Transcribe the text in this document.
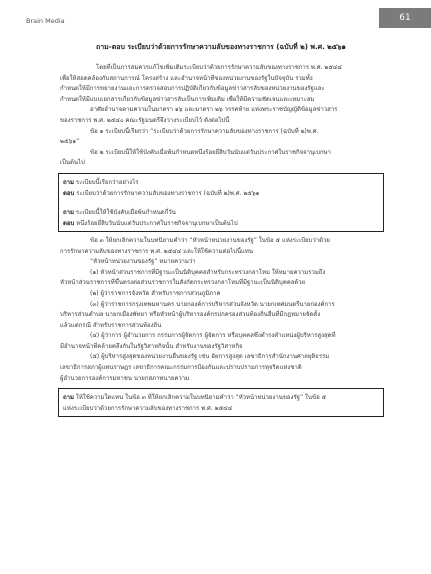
Brain Media	61
ถาม-ตอบ ระเบียบว่าด้วยการรักษาความลับของทางราชการ (ฉบับที่ ๒) พ.ศ. ๒๕๖๑

โดยที่เป็นการสมควรแก้ไขเพิ่มเติมระเบียบว่าด้วยการรักษาความลับของทางราชการ พ.ศ. ๒๕๔๔

เพื่อให้สอดคล้องกับสถานการณ์ โครงสร้าง และอำนาจหน้าที่ของหน่วยงานของรัฐในปัจจุบัน รวมทั้ง

กำหนดให้มีการขยายงานและการตรวจสอบการปฏิบัติเกี่ยวกับข้อมูลข่าวสารลับของหน่วยงานของรัฐและ

กำหนดให้มีแบบเอกสารเกี่ยวกับข้อมูลข่าวสารลับเป็นการเพิ่มเติม เพื่อให้มีความชัดเจนและเหมาะสม

อาศัยอำนาจตามความในมาตรา ๑๖ และมาตรา ๒๖ วรรคท้าย แห่งพระราชบัญญัติข้อมูลข่าวสาร

ของราชการ พ.ศ. ๒๕๔๐ คณะรัฐมนตรีจึงวางระเบียบไว้ ดังต่อไปนี้

ข้อ ๑ ระเบียบนี้เรียกว่า “ระเบียบว่าด้วยการรักษาความลับของทางราชการ (ฉบับที่ ๒)พ.ศ.

๒๕๖๑”

ข้อ ๒ ระเบียบนี้ให้ใช้บังคับเมื่อพ้นกำหนดหนึ่งร้อยยี่สิบวันนับแต่วันประกาศในราชกิจจานุเบกษา

เป็นต้นไป

ถาม ระเบียบนี้เรียกว่าอย่างไร

ตอบ ระเบียบว่าด้วยการรักษาความลับของทางราชการ (ฉบับที่ ๒)พ.ศ. ๒๕๖๑

ถาม ระเบียบนี้ให้ใช้บังคับเมื่อพ้นกำหนดกี่วัน

ตอบ หนึ่งร้อยยี่สิบวันนับแต่วันประกาศในราชกิจจานุเบกษาเป็นต้นไป

ข้อ ๓ ให้ยกเลิกความในบทนิยามคำว่า “หัวหน้าหน่วยงานของรัฐ” ในข้อ ๕ แห่งระเบียบว่าด้วย

การรักษาความลับของทางราชการ พ.ศ. ๒๕๔๔ และให้ใช้ความต่อไปนี้แทน

“หัวหน้าหน่วยงานของรัฐ” หมายความว่า

(๑) หัวหน้าส่วนราชการที่มีฐานะเป็นนิติบุคคลสำหรับกระทรวงกลาโหม ให้หมายความรวมถึง

หัวหน้าส่วนราชการที่ขึ้นตรงต่อส่วนราชการในสังกัดกระทรวงกลาโหมที่มีฐานะเป็นนิติบุคคลด้วย

(๒) ผู้ว่าราชการจังหวัด สำหรับราชการส่วนภูมิภาค

(๓) ผู้ว่าราชการกรุงเทพมหานคร นายกองค์การบริหารส่วนจังหวัด นายกเทศมนตรีนายกองค์การ

บริหารส่วนตำบล นายกเมืองพัทยา หรือหัวหน้าผู้บริหารองค์กรปกครองส่วนท้องถิ่นอื่นที่มีกฎหมายจัดตั้ง

แล้วแต่กรณี สำหรับราชการส่วนท้องถิ่น

(๔) ผู้ว่าการ ผู้อำนวยการ กรรมการผู้จัดการ ผู้จัดการ หรือบุคคลซึ่งดำรงตำแหน่งผู้บริหารสูงสุดที่

มีอำนาจหน้าที่คล้ายคลึงกันในรัฐวิสาหกิจนั้น สำหรับงานของรัฐวิสาหกิจ

(๕) ผู้บริหารสูงสุดของหน่วยงานอื่นของรัฐ เช่น อัยการสูงสุด เลขาธิการสำนักงานศาลยุติธรรม

เลขาธิการสภาผู้แทนราษฎร เลขาธิการคณะกรรมการป้องกันและปราบปรามการทุจริตแห่งชาติ

ผู้อำนวยการองค์การมหาชน นายกสภาทนายความ

ถาม ให้ใช้ความใดแทน ในข้อ ๓ ที่ให้ยกเลิกความในบทนิยามคำว่า “หัวหน้าหน่วยงานของรัฐ” ในข้อ ๕

แห่งระเบียบว่าด้วยการรักษาความลับของทางราชการ พ.ศ. ๒๕๔๔
